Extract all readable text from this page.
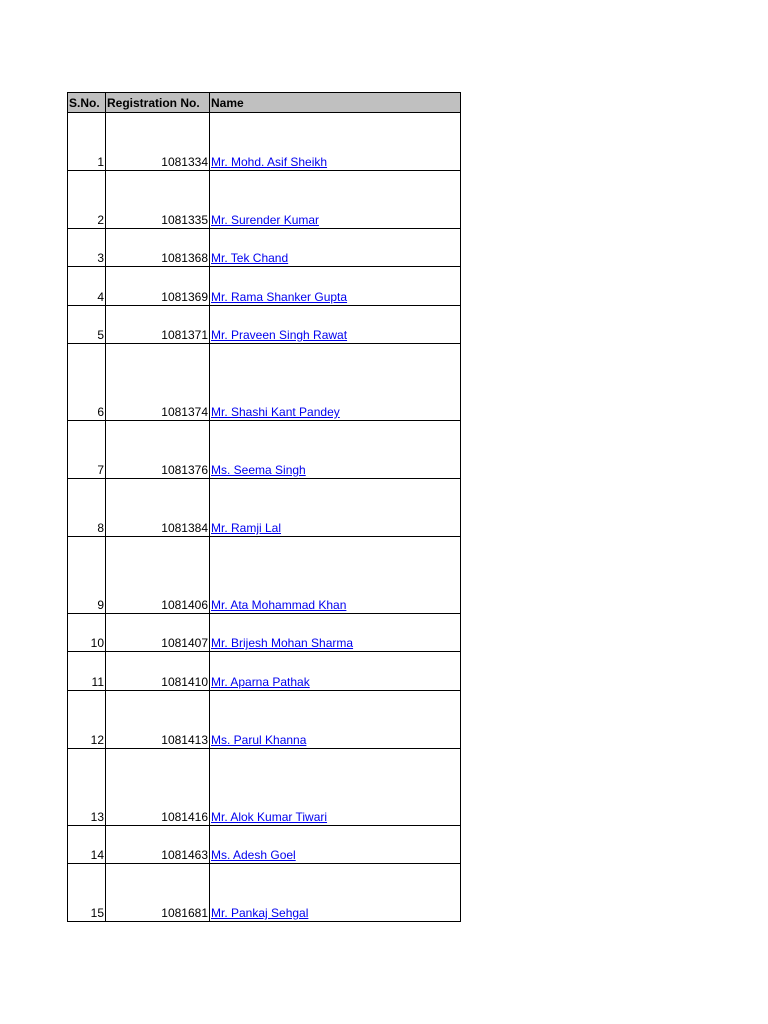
S.No.	Registration No.	Name
1	1081334	Mr. Mohd. Asif Sheikh
2	1081335	Mr. Surender Kumar
3	1081368	Mr. Tek Chand
4	1081369	Mr. Rama Shanker Gupta
5	1081371	Mr. Praveen Singh Rawat
6	1081374	Mr. Shashi Kant Pandey
7	1081376	Ms. Seema Singh
8	1081384	Mr. Ramji Lal
9	1081406	Mr. Ata Mohammad Khan
10	1081407	Mr. Brijesh Mohan Sharma
11	1081410	Mr. Aparna Pathak
12	1081413	Ms. Parul Khanna
13	1081416	Mr. Alok Kumar Tiwari
14	1081463	Ms. Adesh Goel
15	1081681	Mr. Pankaj Sehgal
